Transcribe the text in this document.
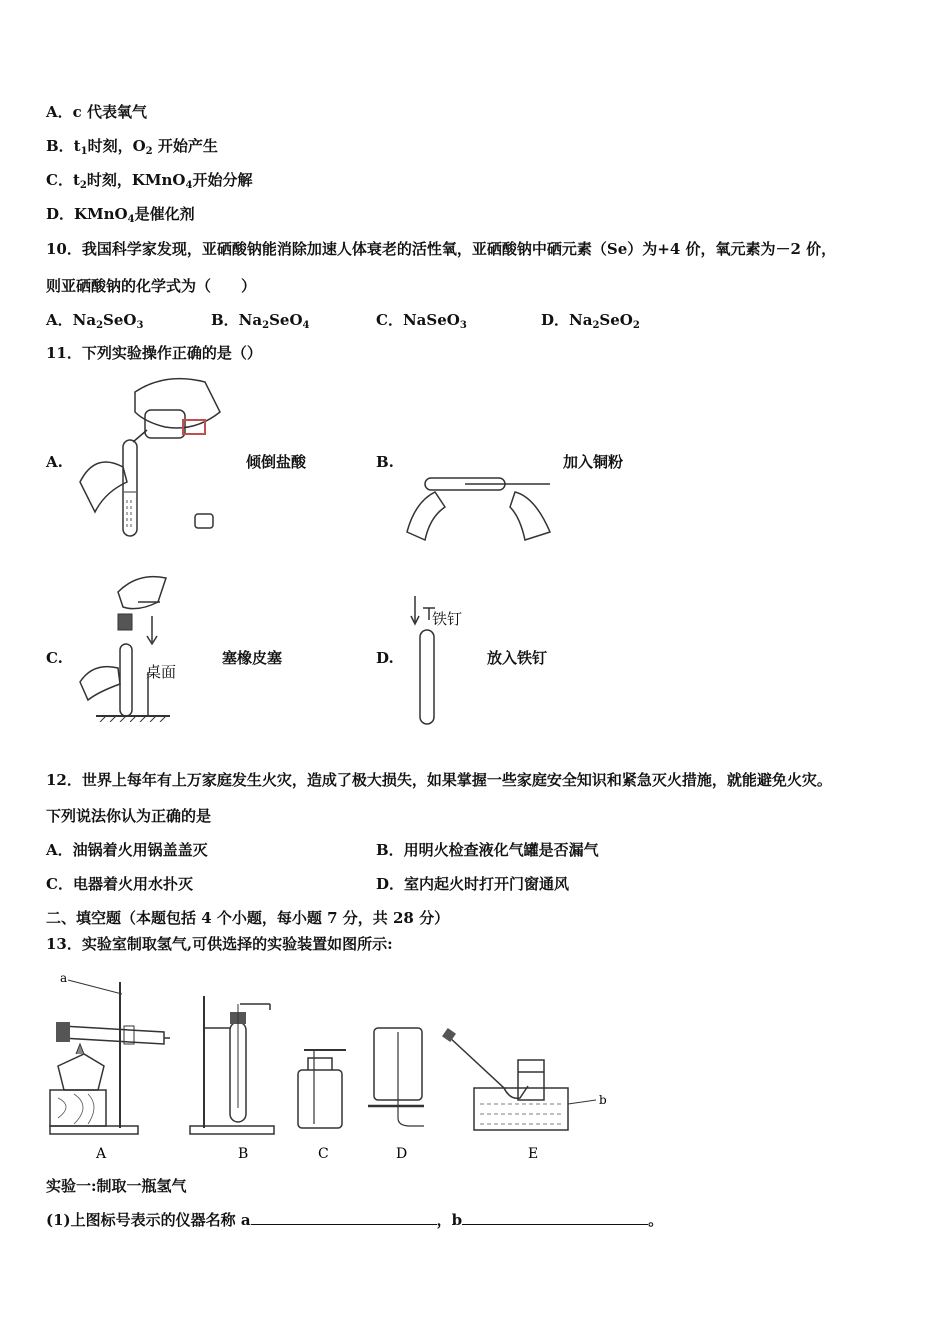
A．c 代表氧气
B．$t_1$时刻，$O_2$ 开始产生
C．$t_2$时刻，KMnO$_4$开始分解
D．KMnO$_4$是催化剂
10．我国科学家发现，亚硒酸钠能消除加速人体衰老的活性氧，亚硒酸钠中硒元素（Se）为+4 价，氧元素为－2 价，
则亚硒酸钠的化学式为（　　）
A．$Na_2SeO_3$	B．$Na_2SeO_4$	C．NaSeO$_3$	D．$Na_2SeO_2$
11．下列实验操作正确的是（）
A.	倾倒盐酸	B.	加入铜粉
C.
桌面
塞橡皮塞	D.
铁钉
放入铁钉
12．世界上每年有上万家庭发生火灾，造成了极大损失，如果掌握一些家庭安全知识和紧急灭火措施，就能避免火灾。
下列说法你认为正确的是
A．油锅着火用锅盖盖灭	B．用明火检查液化气罐是否漏气
C．电器着火用水扑灭	D．室内起火时打开门窗通风
二、填空题（本题包括 4 个小题，每小题 7 分，共 28 分）
13．实验室制取氢气,可供选择的实验装置如图所示:
a
b
A	B	C	D	E
实验一:制取一瓶氢气
(1)上图标号表示的仪器名称 a	，b	。
